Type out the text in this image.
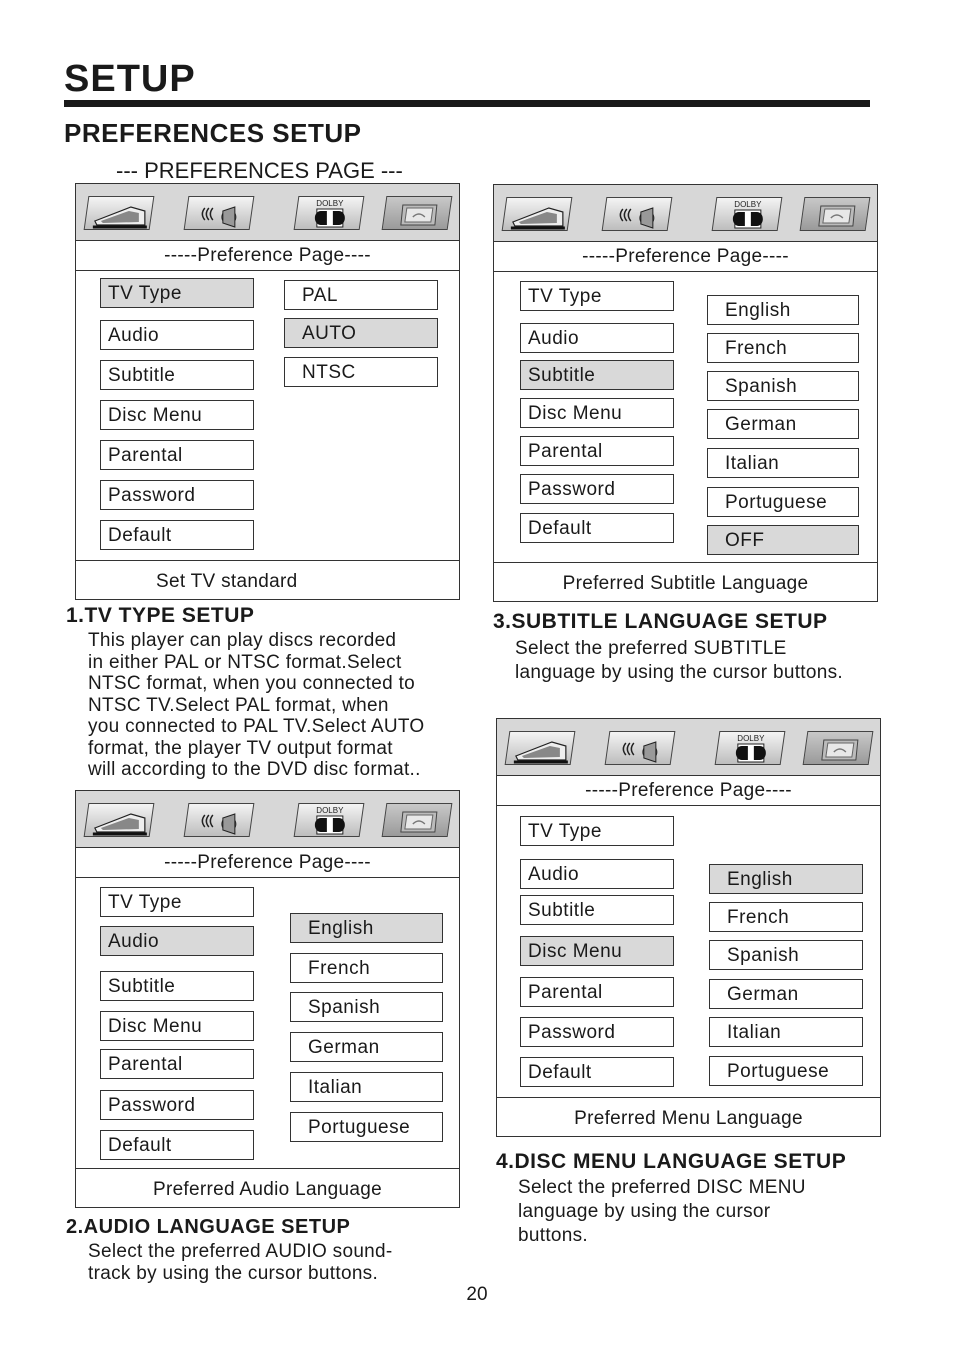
SETUP
PREFERENCES SETUP
--- PREFERENCES PAGE ---
DOLBY
-----Preference Page----
TV Type
Audio
Subtitle
Disc Menu
Parental
Password
Default
PAL
AUTO
NTSC
Set TV standard
DOLBY
-----Preference Page----
TV Type
Audio
Subtitle
Disc Menu
Parental
Password
Default
English
French
Spanish
German
Italian
Portuguese
Preferred Audio Language
DOLBY
-----Preference Page----
TV Type
Audio
Subtitle
Disc Menu
Parental
Password
Default
English
French
Spanish
German
Italian
Portuguese
OFF
Preferred Subtitle Language
DOLBY
-----Preference Page----
TV Type
Audio
Subtitle
Disc Menu
Parental
Password
Default
English
French
Spanish
German
Italian
Portuguese
Preferred Menu Language
1.TV TYPE SETUP
This player can play discs recorded
in either PAL or NTSC format.Select
NTSC format, when you connected to
NTSC TV.Select PAL format, when
you connected to PAL TV.Select AUTO
format, the player TV output format
will according to the DVD disc format..
2.AUDIO LANGUAGE SETUP
Select the preferred AUDIO sound-
track by using the cursor buttons.
3.SUBTITLE LANGUAGE SETUP
Select the preferred SUBTITLE
language by using the cursor buttons.
4.DISC MENU LANGUAGE SETUP
Select the preferred DISC MENU
language by using the cursor
buttons.
20
